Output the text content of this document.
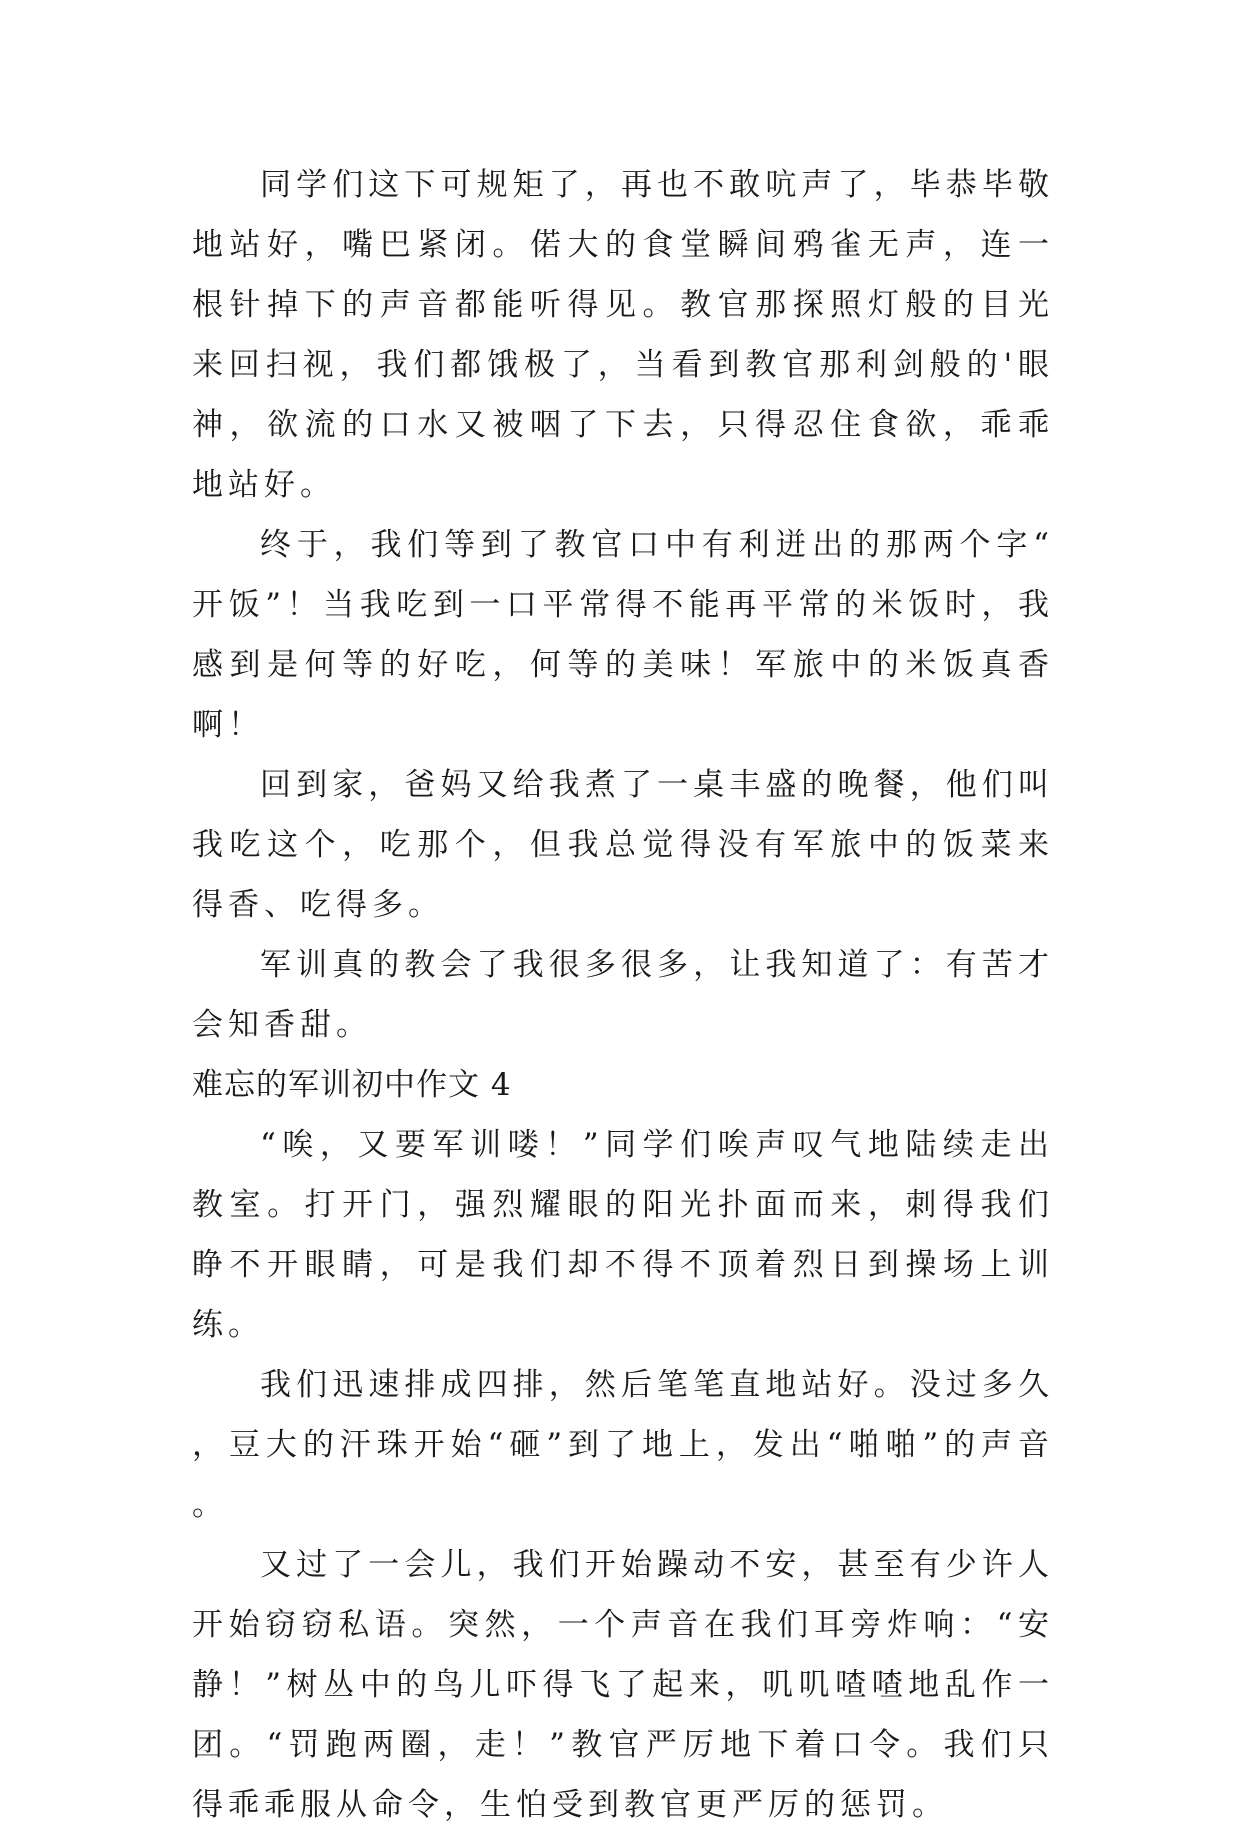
同学们这下可规矩了，再也不敢吭声了，毕恭毕敬地站好，嘴巴紧闭。偌大的食堂瞬间鸦雀无声，连一根针掉下的声音都能听得见。教官那探照灯般的目光来回扫视，我们都饿极了，当看到教官那利剑般的'眼神，欲流的口水又被咽了下去，只得忍住食欲，乖乖地站好。

终于，我们等到了教官口中有利迸出的那两个字“开饭”！当我吃到一口平常得不能再平常的米饭时，我感到是何等的好吃，何等的美味！军旅中的米饭真香啊！

回到家，爸妈又给我煮了一桌丰盛的晚餐，他们叫我吃这个，吃那个，但我总觉得没有军旅中的饭菜来得香、吃得多。

军训真的教会了我很多很多，让我知道了：有苦才会知香甜。

难忘的军训初中作文 4

“唉，又要军训喽！”同学们唉声叹气地陆续走出教室。打开门，强烈耀眼的阳光扑面而来，刺得我们睁不开眼睛，可是我们却不得不顶着烈日到操场上训练。

我们迅速排成四排，然后笔笔直地站好。没过多久，豆大的汗珠开始“砸”到了地上，发出“啪啪”的声音。

又过了一会儿，我们开始躁动不安，甚至有少许人开始窃窃私语。突然，一个声音在我们耳旁炸响：“安静！”树丛中的鸟儿吓得飞了起来，叽叽喳喳地乱作一团。“罚跑两圈，走！”教官严厉地下着口令。我们只得乖乖服从命令，生怕受到教官更严厉的惩罚。
